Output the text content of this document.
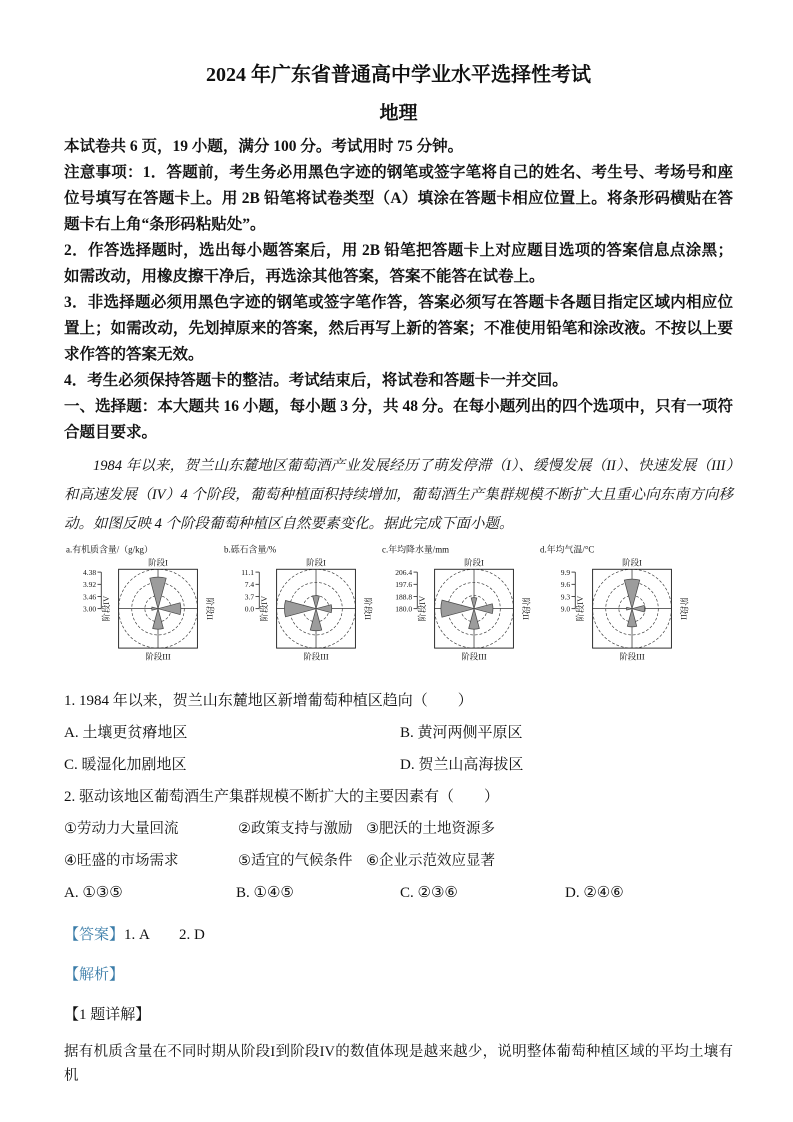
2024 年广东省普通高中学业水平选择性考试
地理

本试卷共 6 页，19 小题，满分 100 分。考试用时 75 分钟。

注意事项：1．答题前，考生务必用黑色字迹的钢笔或签字笔将自己的姓名、考生号、考场号和座位号填写在答题卡上。用 2B 铅笔将试卷类型（A）填涂在答题卡相应位置上。将条形码横贴在答题卡右上角“条形码粘贴处”。

2．作答选择题时，选出每小题答案后，用 2B 铅笔把答题卡上对应题目选项的答案信息点涂黑；如需改动，用橡皮擦干净后，再选涂其他答案，答案不能答在试卷上。

3．非选择题必须用黑色字迹的钢笔或签字笔作答，答案必须写在答题卡各题目指定区域内相应位置上；如需改动，先划掉原来的答案，然后再写上新的答案；不准使用铅笔和涂改液。不按以上要求作答的答案无效。

4．考生必须保持答题卡的整洁。考试结束后，将试卷和答题卡一并交回。

一、选择题：本大题共 16 小题，每小题 3 分，共 48 分。在每小题列出的四个选项中，只有一项符合题目要求。

1984 年以来，贺兰山东麓地区葡萄酒产业发展经历了萌发停滞（I）、缓慢发展（II）、快速发展（III）和高速发展（IV）4 个阶段，葡萄种植面积持续增加，葡萄酒生产集群规模不断扩大且重心向东南方向移动。如图反映 4 个阶段葡萄种植区自然要素变化。据此完成下面小题。

a.有机质含量/（g/kg）
4.38
3.92
3.46
3.00
阶段I
阶段II
阶段III
阶段IV
b.砾石含量/%
11.1
7.4
3.7
0.0
阶段I
阶段II
阶段III
阶段IV
c.年均降水量/mm
206.4
197.6
188.8
180.0
阶段I
阶段II
阶段III
阶段IV
d.年均气温/°C
9.9
9.6
9.3
9.0
阶段I
阶段II
阶段III
阶段IV

1. 1984 年以来，贺兰山东麓地区新增葡萄种植区趋向（　　）

A. 土壤更贫瘠地区	B. 黄河两侧平原区
C. 暖湿化加剧地区	D. 贺兰山高海拔区

2. 驱动该地区葡萄酒生产集群规模不断扩大的主要因素有（　　）

①劳动力大量回流	②政策支持与激励 ③肥沃的土地资源多
④旺盛的市场需求	⑤适宜的气候条件 ⑥企业示范效应显著
A. ①③⑤	B. ①④⑤	C. ②③⑥	D. ②④⑥

【答案】1. A　　2. D

【解析】

【1 题详解】

据有机质含量在不同时期从阶段I到阶段IV的数值体现是越来越少，说明整体葡萄种植区域的平均土壤有机
